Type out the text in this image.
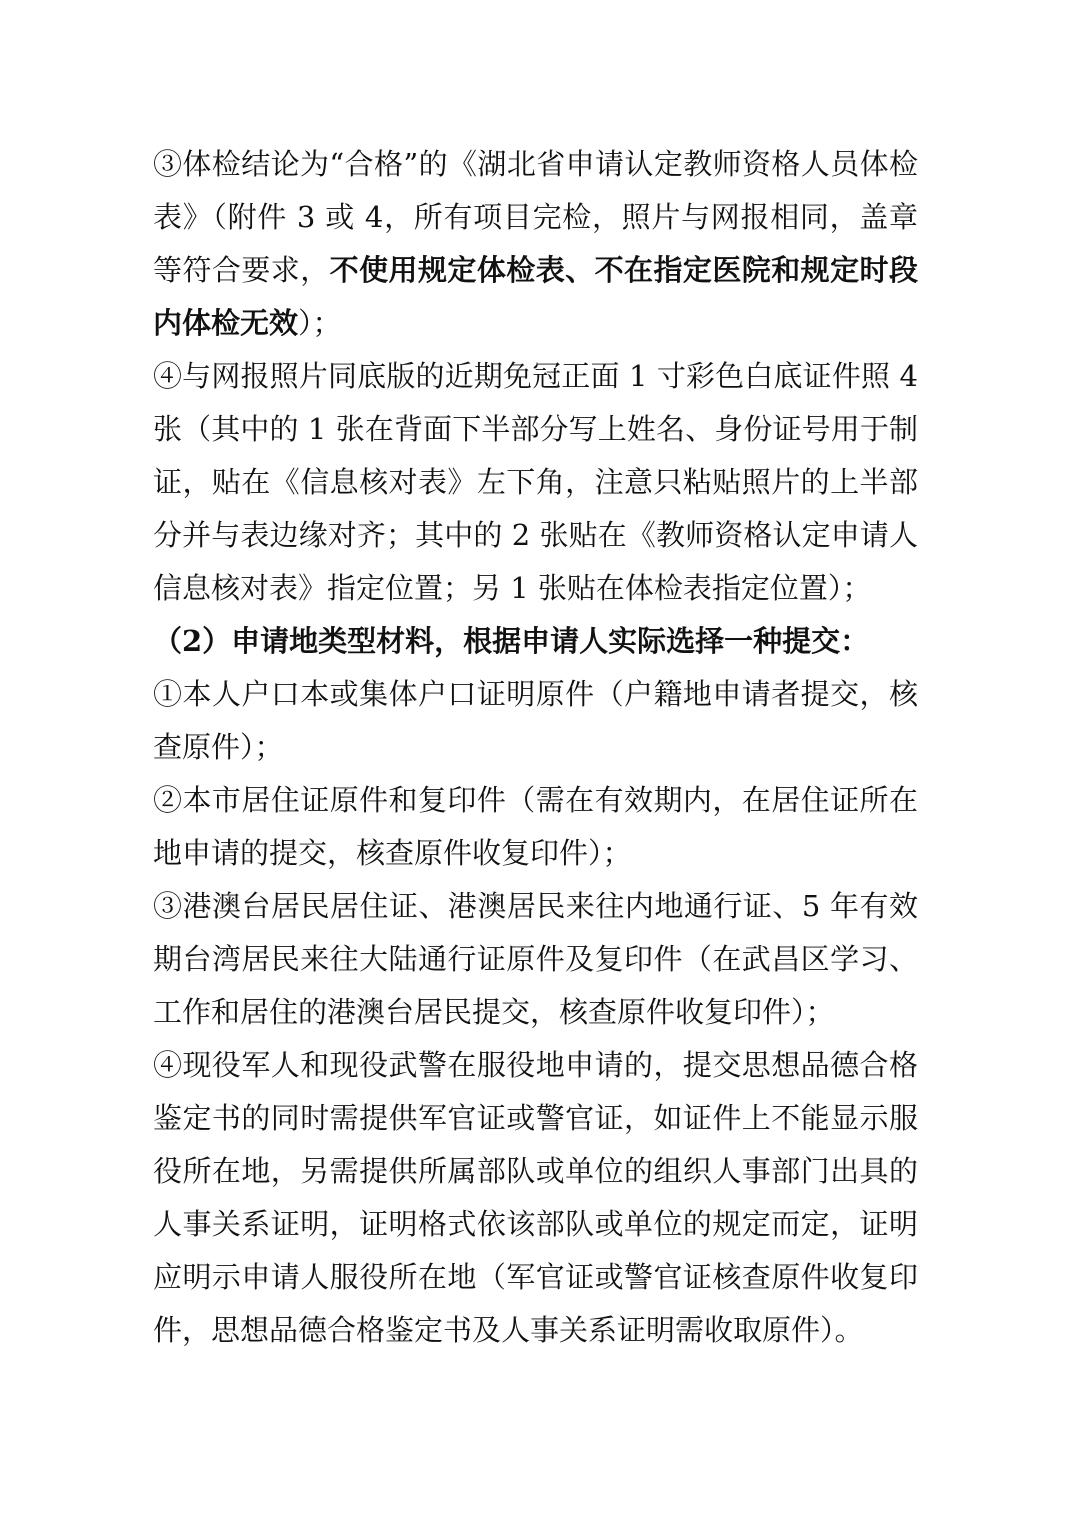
③体检结论为“合格”的《湖北省申请认定教师资格人员体检表》（附件 3 或 4，所有项目完检，照片与网报相同，盖章等符合要求，不使用规定体检表、不在指定医院和规定时段内体检无效）；

④与网报照片同底版的近期免冠正面 1 寸彩色白底证件照 4 张（其中的 1 张在背面下半部分写上姓名、身份证号用于制证，贴在《信息核对表》左下角，注意只粘贴照片的上半部分并与表边缘对齐；其中的 2 张贴在《教师资格认定申请人信息核对表》指定位置；另 1 张贴在体检表指定位置）；

（2）申请地类型材料，根据申请人实际选择一种提交：

①本人户口本或集体户口证明原件（户籍地申请者提交，核查原件）；

②本市居住证原件和复印件（需在有效期内，在居住证所在地申请的提交，核查原件收复印件）；

③港澳台居民居住证、港澳居民来往内地通行证、5 年有效期台湾居民来往大陆通行证原件及复印件（在武昌区学习、工作和居住的港澳台居民提交，核查原件收复印件）；

④现役军人和现役武警在服役地申请的，提交思想品德合格鉴定书的同时需提供军官证或警官证，如证件上不能显示服役所在地，另需提供所属部队或单位的组织人事部门出具的人事关系证明，证明格式依该部队或单位的规定而定，证明应明示申请人服役所在地（军官证或警官证核查原件收复印件，思想品德合格鉴定书及人事关系证明需收取原件）。
